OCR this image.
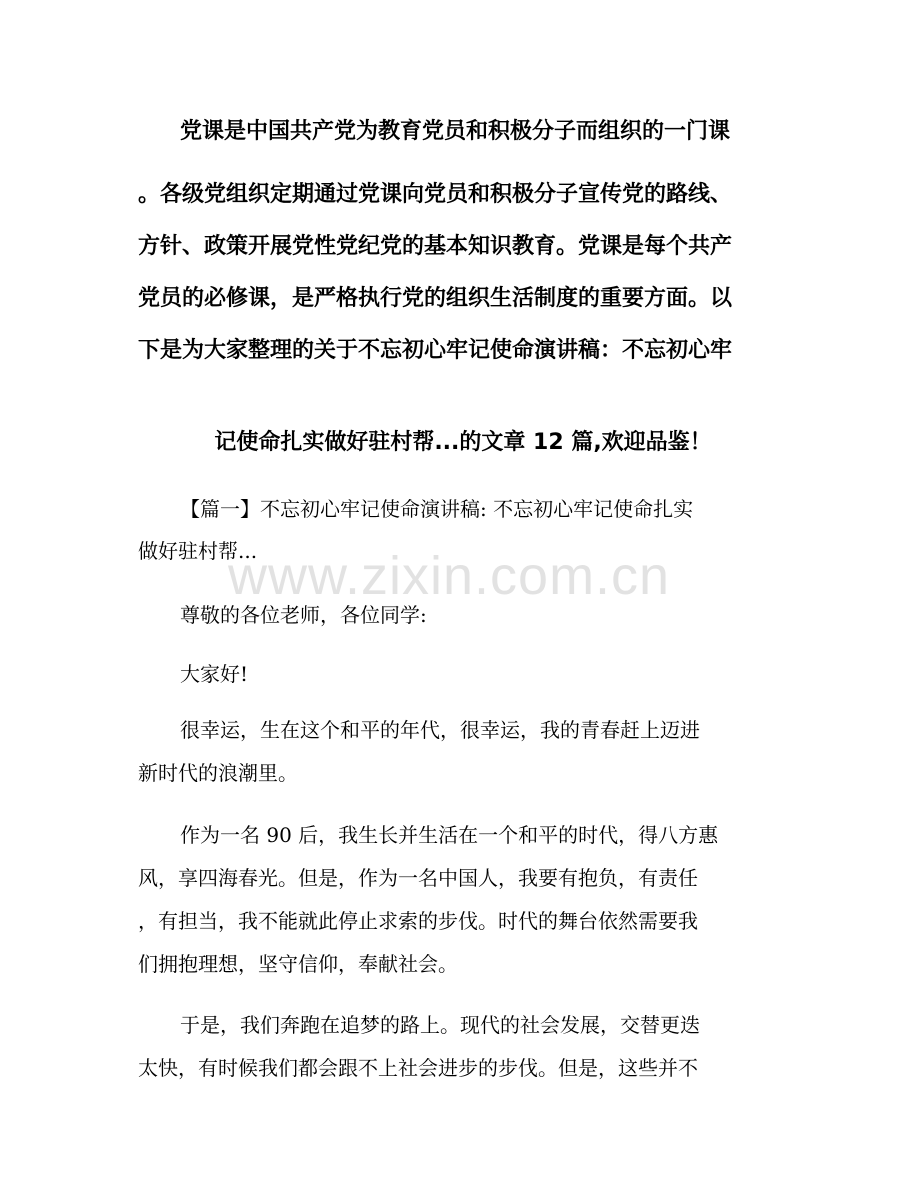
党课是中国共产党为教育党员和积极分子而组织的一门课
。各级党组织定期通过党课向党员和积极分子宣传党的路线、
方针、政策开展党性党纪党的基本知识教育。党课是每个共产
党员的必修课，是严格执行党的组织生活制度的重要方面。以
下是为大家整理的关于不忘初心牢记使命演讲稿：不忘初心牢
记使命扎实做好驻村帮...的文章 12 篇,欢迎品鉴！
【篇一】不忘初心牢记使命演讲稿: 不忘初心牢记使命扎实
做好驻村帮...
尊敬的各位老师，各位同学:
大家好!
很幸运，生在这个和平的年代，很幸运，我的青春赶上迈进
新时代的浪潮里。
作为一名 90 后，我生长并生活在一个和平的时代，得八方惠
风，享四海春光。但是，作为一名中国人，我要有抱负，有责任
，有担当，我不能就此停止求索的步伐。时代的舞台依然需要我
们拥抱理想，坚守信仰，奉献社会。
于是，我们奔跑在追梦的路上。现代的社会发展，交替更迭
太快，有时候我们都会跟不上社会进步的步伐。但是，这些并不
www.zixin.com.cn
